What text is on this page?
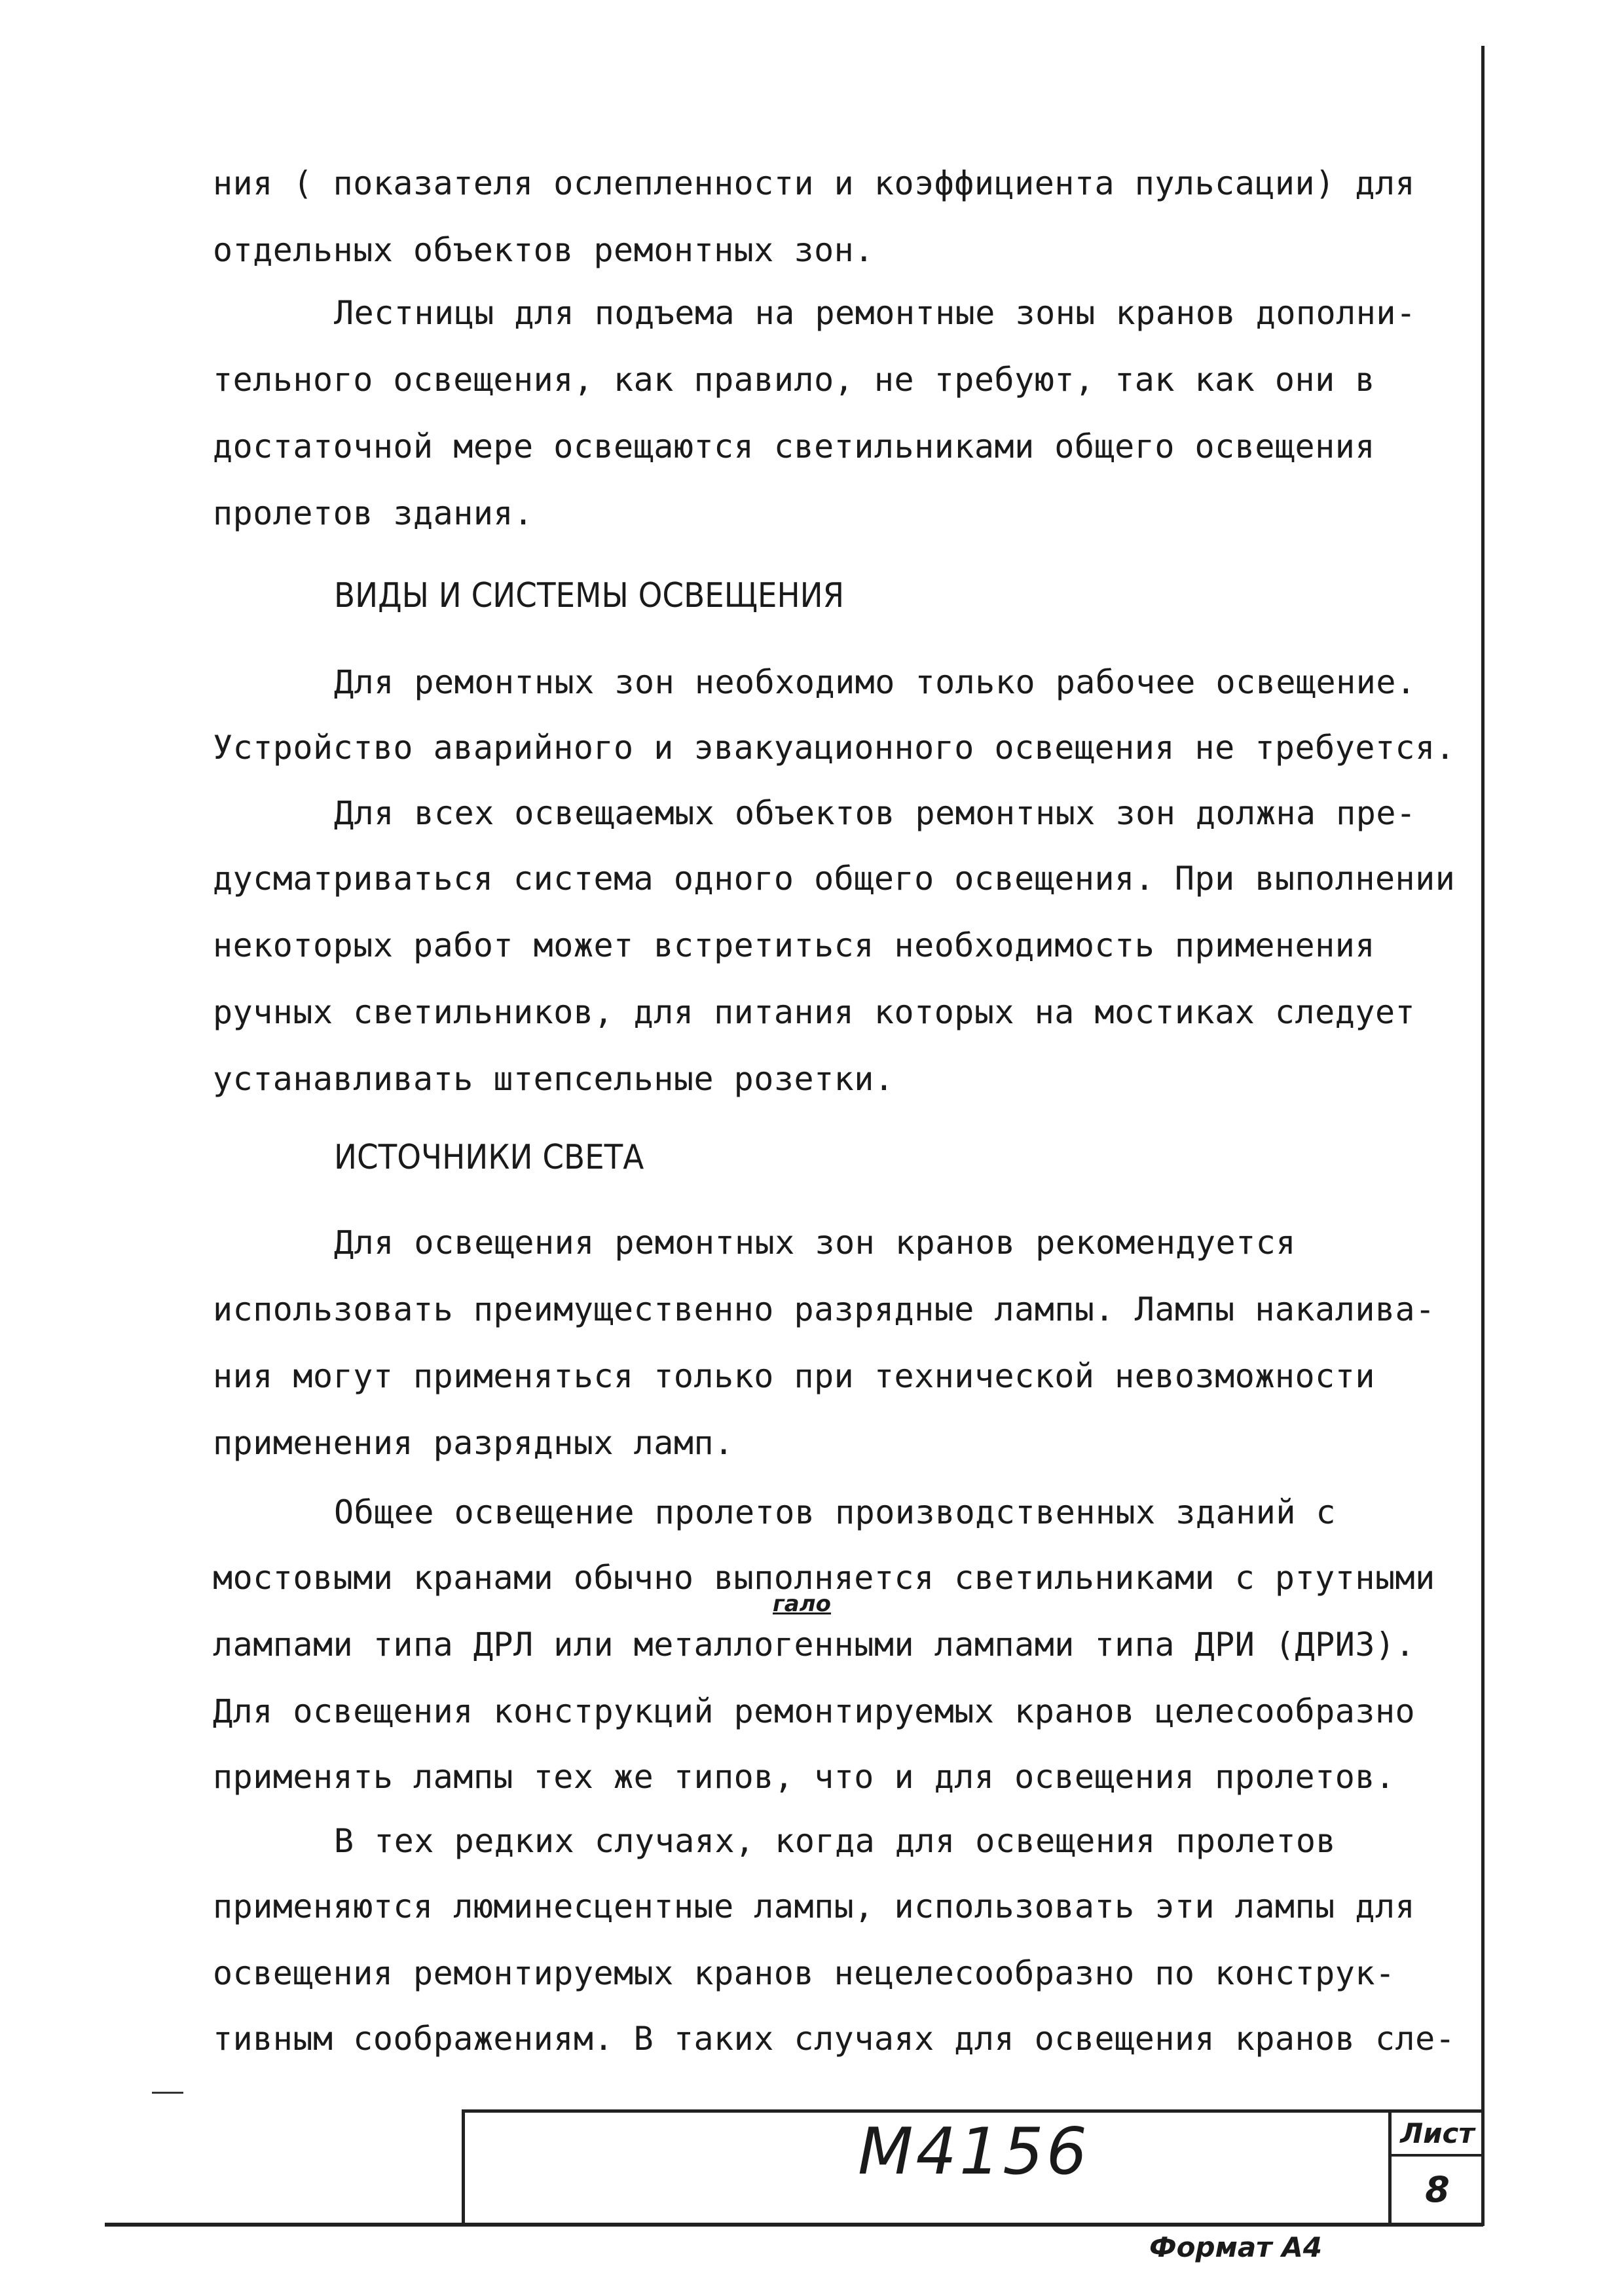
ния ( показателя ослепленности и коэффициента пульсации) для
отдельных объектов ремонтных зон.
Лестницы для подъема на ремонтные зоны кранов дополни-
тельного освещения, как правило, не требуют, так как они в
достаточной мере освещаются светильниками общего освещения
пролетов здания.
ВИДЫ И СИСТЕМЫ ОСВЕЩЕНИЯ
Для ремонтных зон необходимо только рабочее освещение.
Устройство аварийного и эвакуационного освещения не требуется.
Для всех освещаемых объектов ремонтных зон должна пре-
дусматриваться система одного общего освещения. При выполнении
некоторых работ может встретиться необходимость применения
ручных светильников, для питания которых на мостиках следует
устанавливать штепсельные розетки.
ИСТОЧНИКИ СВЕТА
Для освещения ремонтных зон кранов рекомендуется
использовать преимущественно разрядные лампы. Лампы накалива-
ния могут применяться только при технической невозможности
применения разрядных ламп.
Общее освещение пролетов производственных зданий с
мостовыми кранами обычно выполняется светильниками с ртутными
лампами типа ДРЛ или металлогенными лампами типа ДРИ (ДРИЗ).
Для освещения конструкций ремонтируемых кранов целесообразно
применять лампы тех же типов, что и для освещения пролетов.
В тех редких случаях, когда для освещения пролетов
применяются люминесцентные лампы, использовать эти лампы для
освещения ремонтируемых кранов нецелесообразно по конструк-
тивным соображениям. В таких случаях для освещения кранов сле-
гало
М4156	Лист
8
Формат А4
